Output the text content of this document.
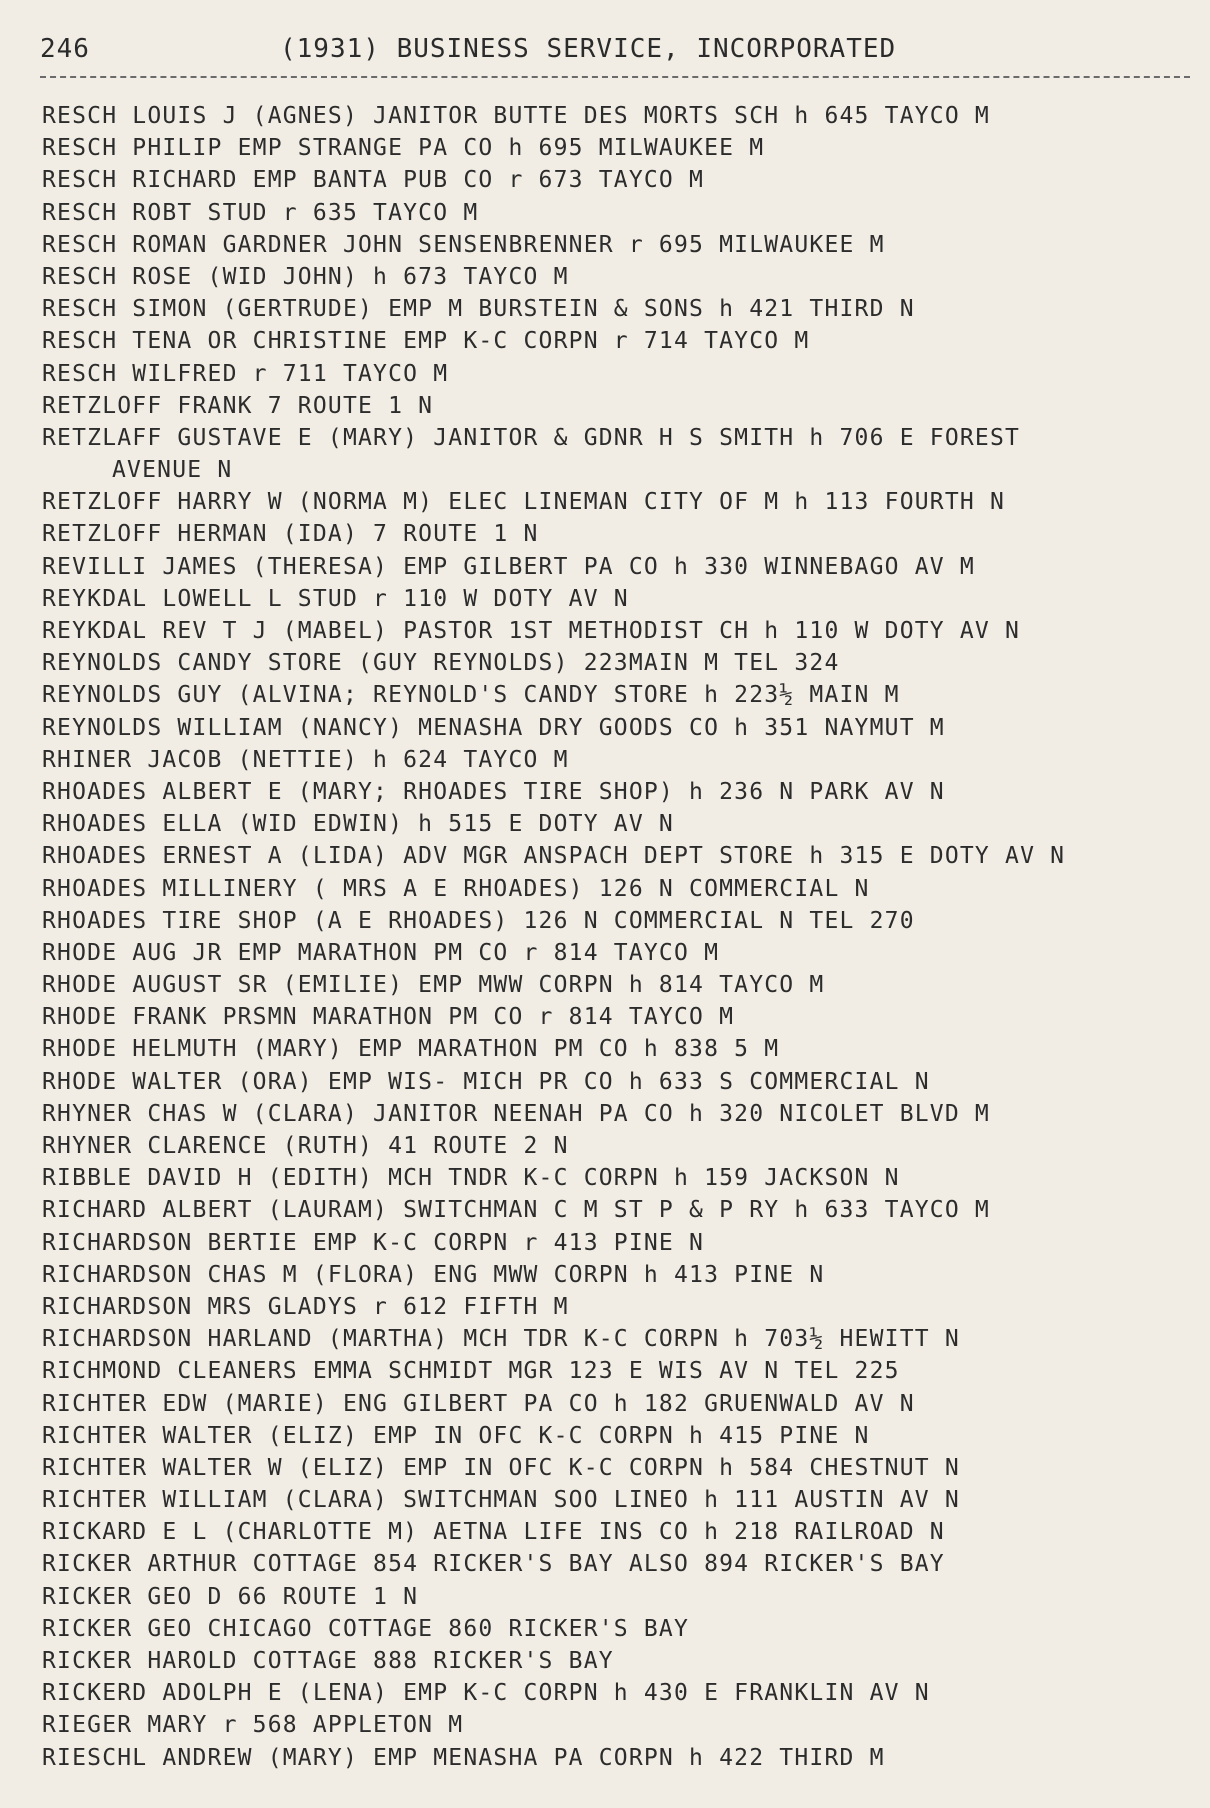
246	(1931) BUSINESS SERVICE, INCORPORATED
RESCH LOUIS J (AGNES) JANITOR BUTTE DES MORTS SCH h 645 TAYCO M
RESCH PHILIP EMP STRANGE PA CO h 695 MILWAUKEE M
RESCH RICHARD EMP BANTA PUB CO r 673 TAYCO M
RESCH ROBT STUD r 635 TAYCO M
RESCH ROMAN GARDNER JOHN SENSENBRENNER r 695 MILWAUKEE M
RESCH ROSE (WID JOHN) h 673 TAYCO M
RESCH SIMON (GERTRUDE) EMP M BURSTEIN & SONS h 421 THIRD N
RESCH TENA OR CHRISTINE EMP K-C CORPN r 714 TAYCO M
RESCH WILFRED r 711 TAYCO M
RETZLOFF FRANK 7 ROUTE 1 N
RETZLAFF GUSTAVE E (MARY) JANITOR & GDNR H S SMITH h 706 E FOREST
AVENUE N
RETZLOFF HARRY W (NORMA M) ELEC LINEMAN CITY OF M h 113 FOURTH N
RETZLOFF HERMAN (IDA) 7 ROUTE 1 N
REVILLI JAMES (THERESA) EMP GILBERT PA CO h 330 WINNEBAGO AV M
REYKDAL LOWELL L STUD r 110 W DOTY AV N
REYKDAL REV T J (MABEL) PASTOR 1ST METHODIST CH h 110 W DOTY AV N
REYNOLDS CANDY STORE (GUY REYNOLDS) 223MAIN M TEL 324
REYNOLDS GUY (ALVINA; REYNOLD'S CANDY STORE h 223½ MAIN M
REYNOLDS WILLIAM (NANCY) MENASHA DRY GOODS CO h 351 NAYMUT M
RHINER JACOB (NETTIE) h 624 TAYCO M
RHOADES ALBERT E (MARY; RHOADES TIRE SHOP) h 236 N PARK AV N
RHOADES ELLA (WID EDWIN) h 515 E DOTY AV N
RHOADES ERNEST A (LIDA) ADV MGR ANSPACH DEPT STORE h 315 E DOTY AV N
RHOADES MILLINERY ( MRS A E RHOADES) 126 N COMMERCIAL N
RHOADES TIRE SHOP (A E RHOADES) 126 N COMMERCIAL N TEL 270
RHODE AUG JR EMP MARATHON PM CO r 814 TAYCO M
RHODE AUGUST SR (EMILIE) EMP MWW CORPN h 814 TAYCO M
RHODE FRANK PRSMN MARATHON PM CO r 814 TAYCO M
RHODE HELMUTH (MARY) EMP MARATHON PM CO h 838 5 M
RHODE WALTER (ORA) EMP WIS- MICH PR CO h 633 S COMMERCIAL N
RHYNER CHAS W (CLARA) JANITOR NEENAH PA CO h 320 NICOLET BLVD M
RHYNER CLARENCE (RUTH) 41 ROUTE 2 N
RIBBLE DAVID H (EDITH) MCH TNDR K-C CORPN h 159 JACKSON N
RICHARD ALBERT (LAURAM) SWITCHMAN C M ST P & P RY h 633 TAYCO M
RICHARDSON BERTIE EMP K-C CORPN r 413 PINE N
RICHARDSON CHAS M (FLORA) ENG MWW CORPN h 413 PINE N
RICHARDSON MRS GLADYS r 612 FIFTH M
RICHARDSON HARLAND (MARTHA) MCH TDR K-C CORPN h 703½ HEWITT N
RICHMOND CLEANERS EMMA SCHMIDT MGR 123 E WIS AV N TEL 225
RICHTER EDW (MARIE) ENG GILBERT PA CO h 182 GRUENWALD AV N
RICHTER WALTER (ELIZ) EMP IN OFC K-C CORPN h 415 PINE N
RICHTER WALTER W (ELIZ) EMP IN OFC K-C CORPN h 584 CHESTNUT N
RICHTER WILLIAM (CLARA) SWITCHMAN SOO LINEO h 111 AUSTIN AV N
RICKARD E L (CHARLOTTE M) AETNA LIFE INS CO h 218 RAILROAD N
RICKER ARTHUR COTTAGE 854 RICKER'S BAY ALSO 894 RICKER'S BAY
RICKER GEO D 66 ROUTE 1 N
RICKER GEO CHICAGO COTTAGE 860 RICKER'S BAY
RICKER HAROLD COTTAGE 888 RICKER'S BAY
RICKERD ADOLPH E (LENA) EMP K-C CORPN h 430 E FRANKLIN AV N
RIEGER MARY r 568 APPLETON M
RIESCHL ANDREW (MARY) EMP MENASHA PA CORPN h 422 THIRD M
